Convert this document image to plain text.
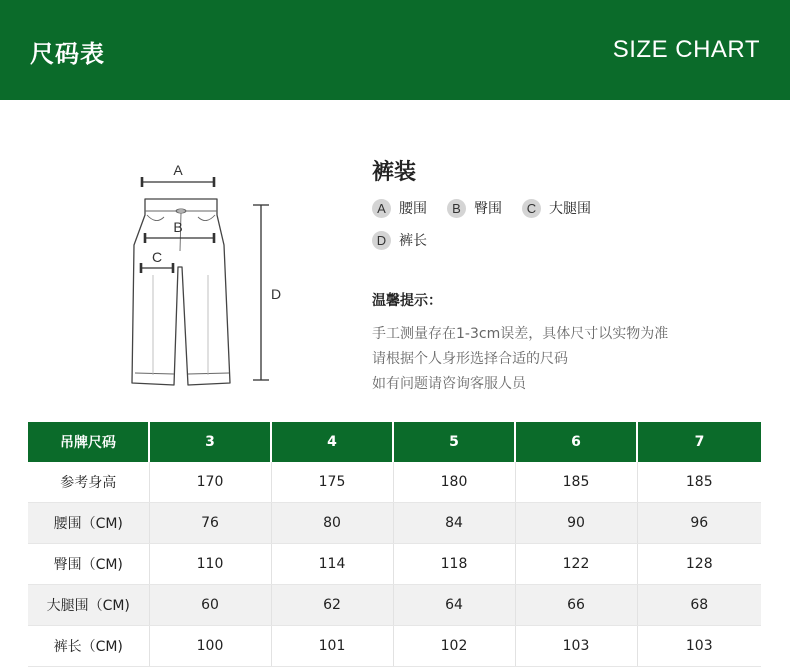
尺码表	SIZE CHART
A
B
C
D
裤装
A 腰围	B 臀围	C 大腿围
D 裤长
温馨提示：
手工测量存在1-3cm误差，具体尺寸以实物为准
请根据个人身形选择合适的尺码
如有问题请咨询客服人员
吊牌尺码	3	4	5	6	7
参考身高	170	175	180	185	185
腰围（CM)	76	80	84	90	96
臀围（CM)	110	114	118	122	128
大腿围（CM)	60	62	64	66	68
裤长（CM)	100	101	102	103	103
